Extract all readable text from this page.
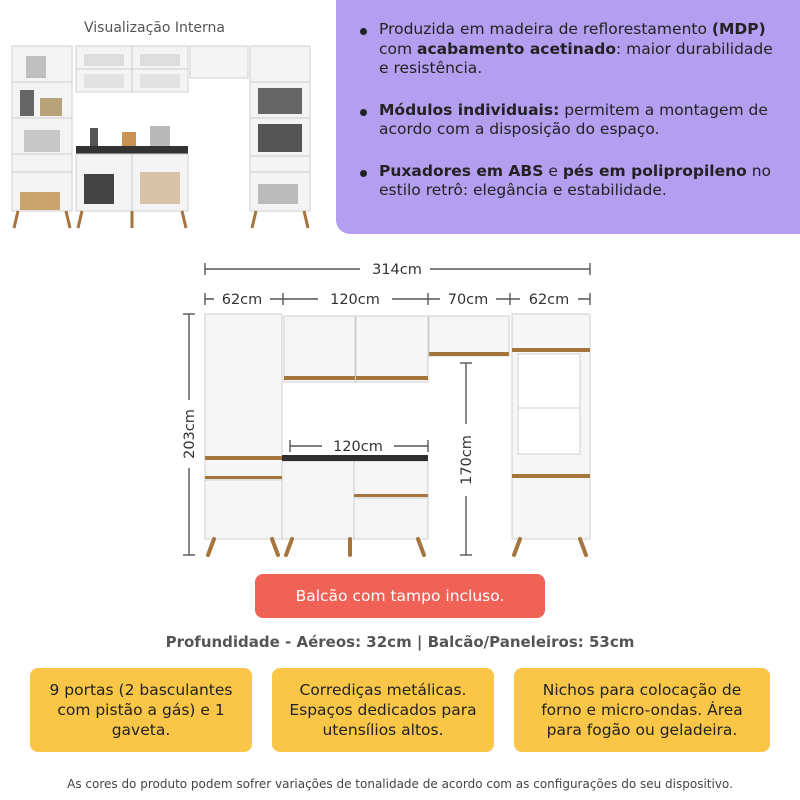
Visualização Interna	Produzida em madeira de reflorestamento (MDP) com acabamento acetinado: maior durabilidade e resistência.

Módulos individuais: permitem a montagem de acordo com a disposição do espaço.

Puxadores em ABS e pés em polipropileno no estilo retrô: elegância e estabilidade.

314cm
62cm	120cm	70cm	62cm
203cm
170cm
120cm
Balcão com tampo incluso.
Profundidade - Aéreos: 32cm | Balcão/Paneleiros: 53cm
9 portas (2 basculantes com pistão a gás) e 1 gaveta.
Corrediças metálicas. Espaços dedicados para utensílios altos.
Nichos para colocação de forno e micro-ondas. Área para fogão ou geladeira.
As cores do produto podem sofrer variações de tonalidade de acordo com as configurações do seu dispositivo.
